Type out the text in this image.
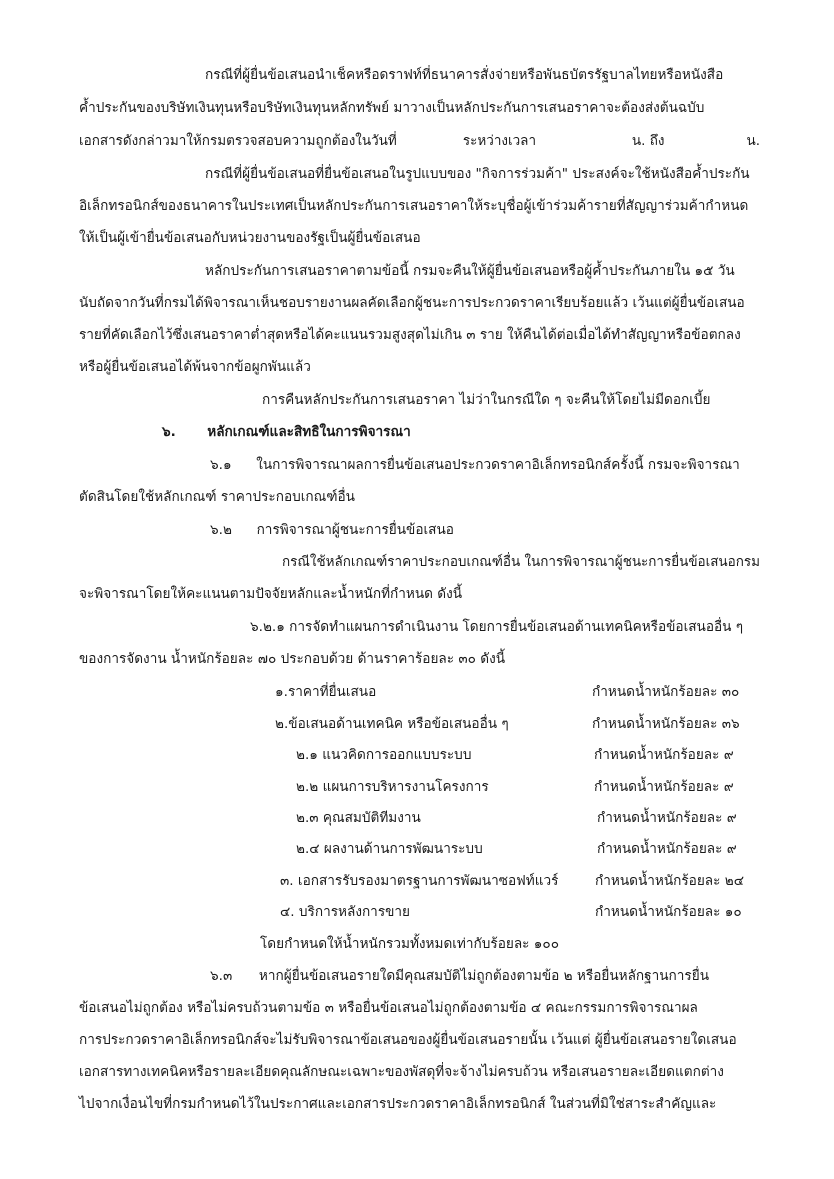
กรณีที่ผู้ยื่นข้อเสนอนำเช็คหรือดราฟท์ที่ธนาคารสั่งจ่ายหรือพันธบัตรรัฐบาลไทยหรือหนังสือ
ค้ำประกันของบริษัทเงินทุนหรือบริษัทเงินทุนหลักทรัพย์ มาวางเป็นหลักประกันการเสนอราคาจะต้องส่งต้นฉบับ
เอกสารดังกล่าวมาให้กรมตรวจสอบความถูกต้องในวันที่	ระหว่างเวลา	น. ถึง	น.
กรณีที่ผู้ยื่นข้อเสนอที่ยื่นข้อเสนอในรูปแบบของ "กิจการร่วมค้า" ประสงค์จะใช้หนังสือค้ำประกัน
อิเล็กทรอนิกส์ของธนาคารในประเทศเป็นหลักประกันการเสนอราคาให้ระบุชื่อผู้เข้าร่วมค้ารายที่สัญญาร่วมค้ากำหนด
ให้เป็นผู้เข้ายื่นข้อเสนอกับหน่วยงานของรัฐเป็นผู้ยื่นข้อเสนอ
หลักประกันการเสนอราคาตามข้อนี้ กรมจะคืนให้ผู้ยื่นข้อเสนอหรือผู้ค้ำประกันภายใน ๑๕ วัน
นับถัดจากวันที่กรมได้พิจารณาเห็นชอบรายงานผลคัดเลือกผู้ชนะการประกวดราคาเรียบร้อยแล้ว เว้นแต่ผู้ยื่นข้อเสนอ
รายที่คัดเลือกไว้ซึ่งเสนอราคาต่ำสุดหรือได้คะแนนรวมสูงสุดไม่เกิน ๓ ราย ให้คืนได้ต่อเมื่อได้ทำสัญญาหรือข้อตกลง
หรือผู้ยื่นข้อเสนอได้พ้นจากข้อผูกพันแล้ว
การคืนหลักประกันการเสนอราคา ไม่ว่าในกรณีใด ๆ จะคืนให้โดยไม่มีดอกเบี้ย
๖. หลักเกณฑ์และสิทธิในการพิจารณา
๖.๑ ในการพิจารณาผลการยื่นข้อเสนอประกวดราคาอิเล็กทรอนิกส์ครั้งนี้ กรมจะพิจารณา
ตัดสินโดยใช้หลักเกณฑ์ ราคาประกอบเกณฑ์อื่น
๖.๒ การพิจารณาผู้ชนะการยื่นข้อเสนอ
กรณีใช้หลักเกณฑ์ราคาประกอบเกณฑ์อื่น ในการพิจารณาผู้ชนะการยื่นข้อเสนอกรม
จะพิจารณาโดยให้คะแนนตามปัจจัยหลักและน้ำหนักที่กำหนด ดังนี้
๖.๒.๑ การจัดทำแผนการดำเนินงาน โดยการยื่นข้อเสนอด้านเทคนิคหรือข้อเสนออื่น ๆ
ของการจัดงาน น้ำหนักร้อยละ ๗๐ ประกอบด้วย ด้านราคาร้อยละ ๓๐ ดังนี้
๑.ราคาที่ยื่นเสนอ	กำหนดน้ำหนักร้อยละ ๓๐
๒.ข้อเสนอด้านเทคนิค หรือข้อเสนออื่น ๆ	กำหนดน้ำหนักร้อยละ ๓๖
๒.๑ แนวคิดการออกแบบระบบ	กำหนดน้ำหนักร้อยละ ๙
๒.๒ แผนการบริหารงานโครงการ	กำหนดน้ำหนักร้อยละ ๙
๒.๓ คุณสมบัติทีมงาน	กำหนดน้ำหนักร้อยละ ๙
๒.๔ ผลงานด้านการพัฒนาระบบ	กำหนดน้ำหนักร้อยละ ๙
๓. เอกสารรับรองมาตรฐานการพัฒนาซอฟท์แวร์	กำหนดน้ำหนักร้อยละ ๒๔
๔. บริการหลังการขาย	กำหนดน้ำหนักร้อยละ ๑๐
โดยกำหนดให้น้ำหนักรวมทั้งหมดเท่ากับร้อยละ ๑๐๐
๖.๓ หากผู้ยื่นข้อเสนอรายใดมีคุณสมบัติไม่ถูกต้องตามข้อ ๒ หรือยื่นหลักฐานการยื่น
ข้อเสนอไม่ถูกต้อง หรือไม่ครบถ้วนตามข้อ ๓ หรือยื่นข้อเสนอไม่ถูกต้องตามข้อ ๔ คณะกรรมการพิจารณาผล
การประกวดราคาอิเล็กทรอนิกส์จะไม่รับพิจารณาข้อเสนอของผู้ยื่นข้อเสนอรายนั้น เว้นแต่ ผู้ยื่นข้อเสนอรายใดเสนอ
เอกสารทางเทคนิคหรือรายละเอียดคุณลักษณะเฉพาะของพัสดุที่จะจ้างไม่ครบถ้วน หรือเสนอรายละเอียดแตกต่าง
ไปจากเงื่อนไขที่กรมกำหนดไว้ในประกาศและเอกสารประกวดราคาอิเล็กทรอนิกส์ ในส่วนที่มิใช่สาระสำคัญและ
